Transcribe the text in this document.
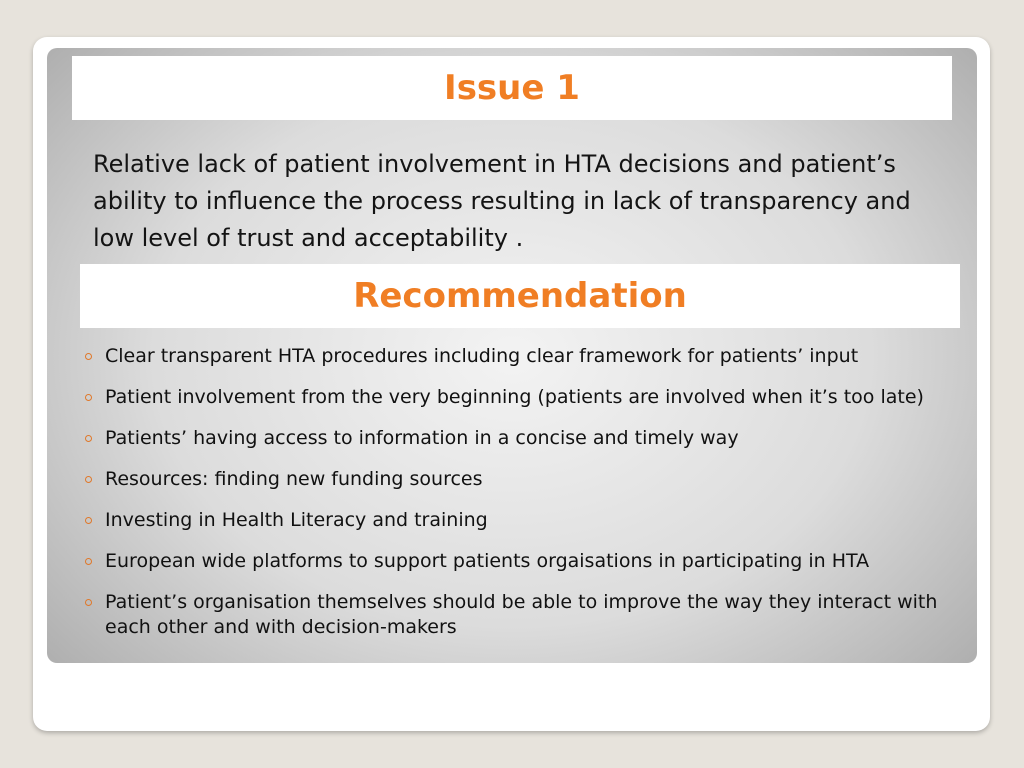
Issue 1

Relative lack of patient involvement in HTA decisions and patient’s ability to influence the process resulting in lack of transparency and low level of trust and acceptability .

Recommendation
Clear transparent HTA procedures including clear framework for patients’ input
Patient involvement from the very beginning (patients are involved when it’s too late)
Patients’ having access to information in a concise and timely way
Resources: finding new funding sources
Investing in Health Literacy and training
European wide platforms to support patients orgaisations in participating in HTA
Patient’s organisation themselves should be able to improve the way they interact with each other and with decision-makers
